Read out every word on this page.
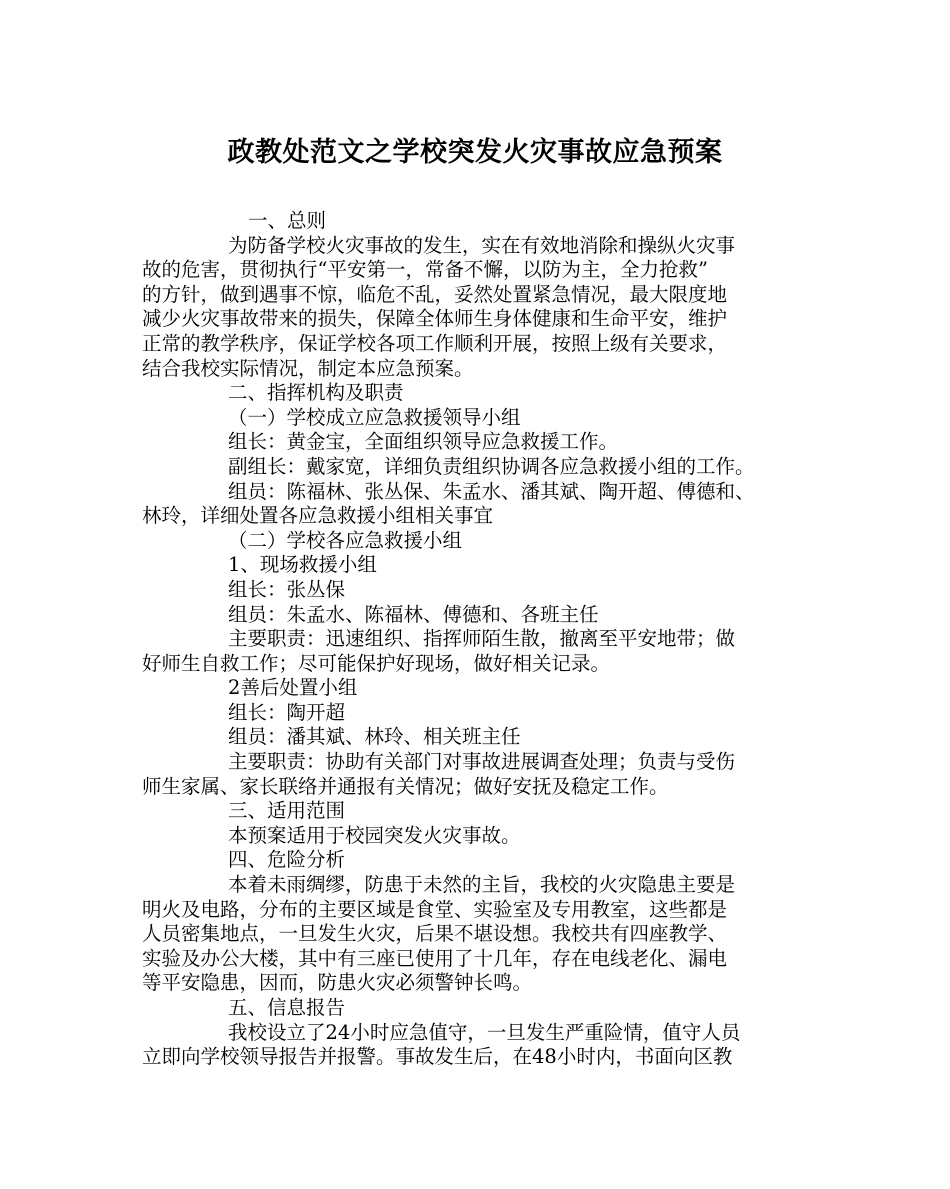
政教处范文之学校突发火灾事故应急预案
一、总则
为防备学校火灾事故的发生，实在有效地消除和操纵火灾事
故的危害，贯彻执行“平安第一，常备不懈，以防为主，全力抢救”
的方针，做到遇事不惊，临危不乱，妥然处置紧急情况，最大限度地
减少火灾事故带来的损失，保障全体师生身体健康和生命平安，维护
正常的教学秩序，保证学校各项工作顺利开展，按照上级有关要求，
结合我校实际情况，制定本应急预案。
二、指挥机构及职责
（一）学校成立应急救援领导小组
组长：黄金宝，全面组织领导应急救援工作。
副组长：戴家宽，详细负责组织协调各应急救援小组的工作。
组员：陈福林、张丛保、朱孟水、潘其斌、陶开超、傅德和、
林玲，详细处置各应急救援小组相关事宜
（二）学校各应急救援小组
1、现场救援小组
组长：张丛保
组员：朱孟水、陈福林、傅德和、各班主任
主要职责：迅速组织、指挥师陌生散，撤离至平安地带；做
好师生自救工作；尽可能保护好现场，做好相关记录。
2善后处置小组
组长：陶开超
组员：潘其斌、林玲、相关班主任
主要职责：协助有关部门对事故进展调查处理；负责与受伤
师生家属、家长联络并通报有关情况；做好安抚及稳定工作。
三、适用范围
本预案适用于校园突发火灾事故。
四、危险分析
本着未雨绸缪，防患于未然的主旨，我校的火灾隐患主要是
明火及电路，分布的主要区域是食堂、实验室及专用教室，这些都是
人员密集地点，一旦发生火灾，后果不堪设想。我校共有四座教学、
实验及办公大楼，其中有三座已使用了十几年，存在电线老化、漏电
等平安隐患，因而，防患火灾必须警钟长鸣。
五、信息报告
我校设立了24小时应急值守，一旦发生严重险情，值守人员
立即向学校领导报告并报警。事故发生后，在48小时内，书面向区教
